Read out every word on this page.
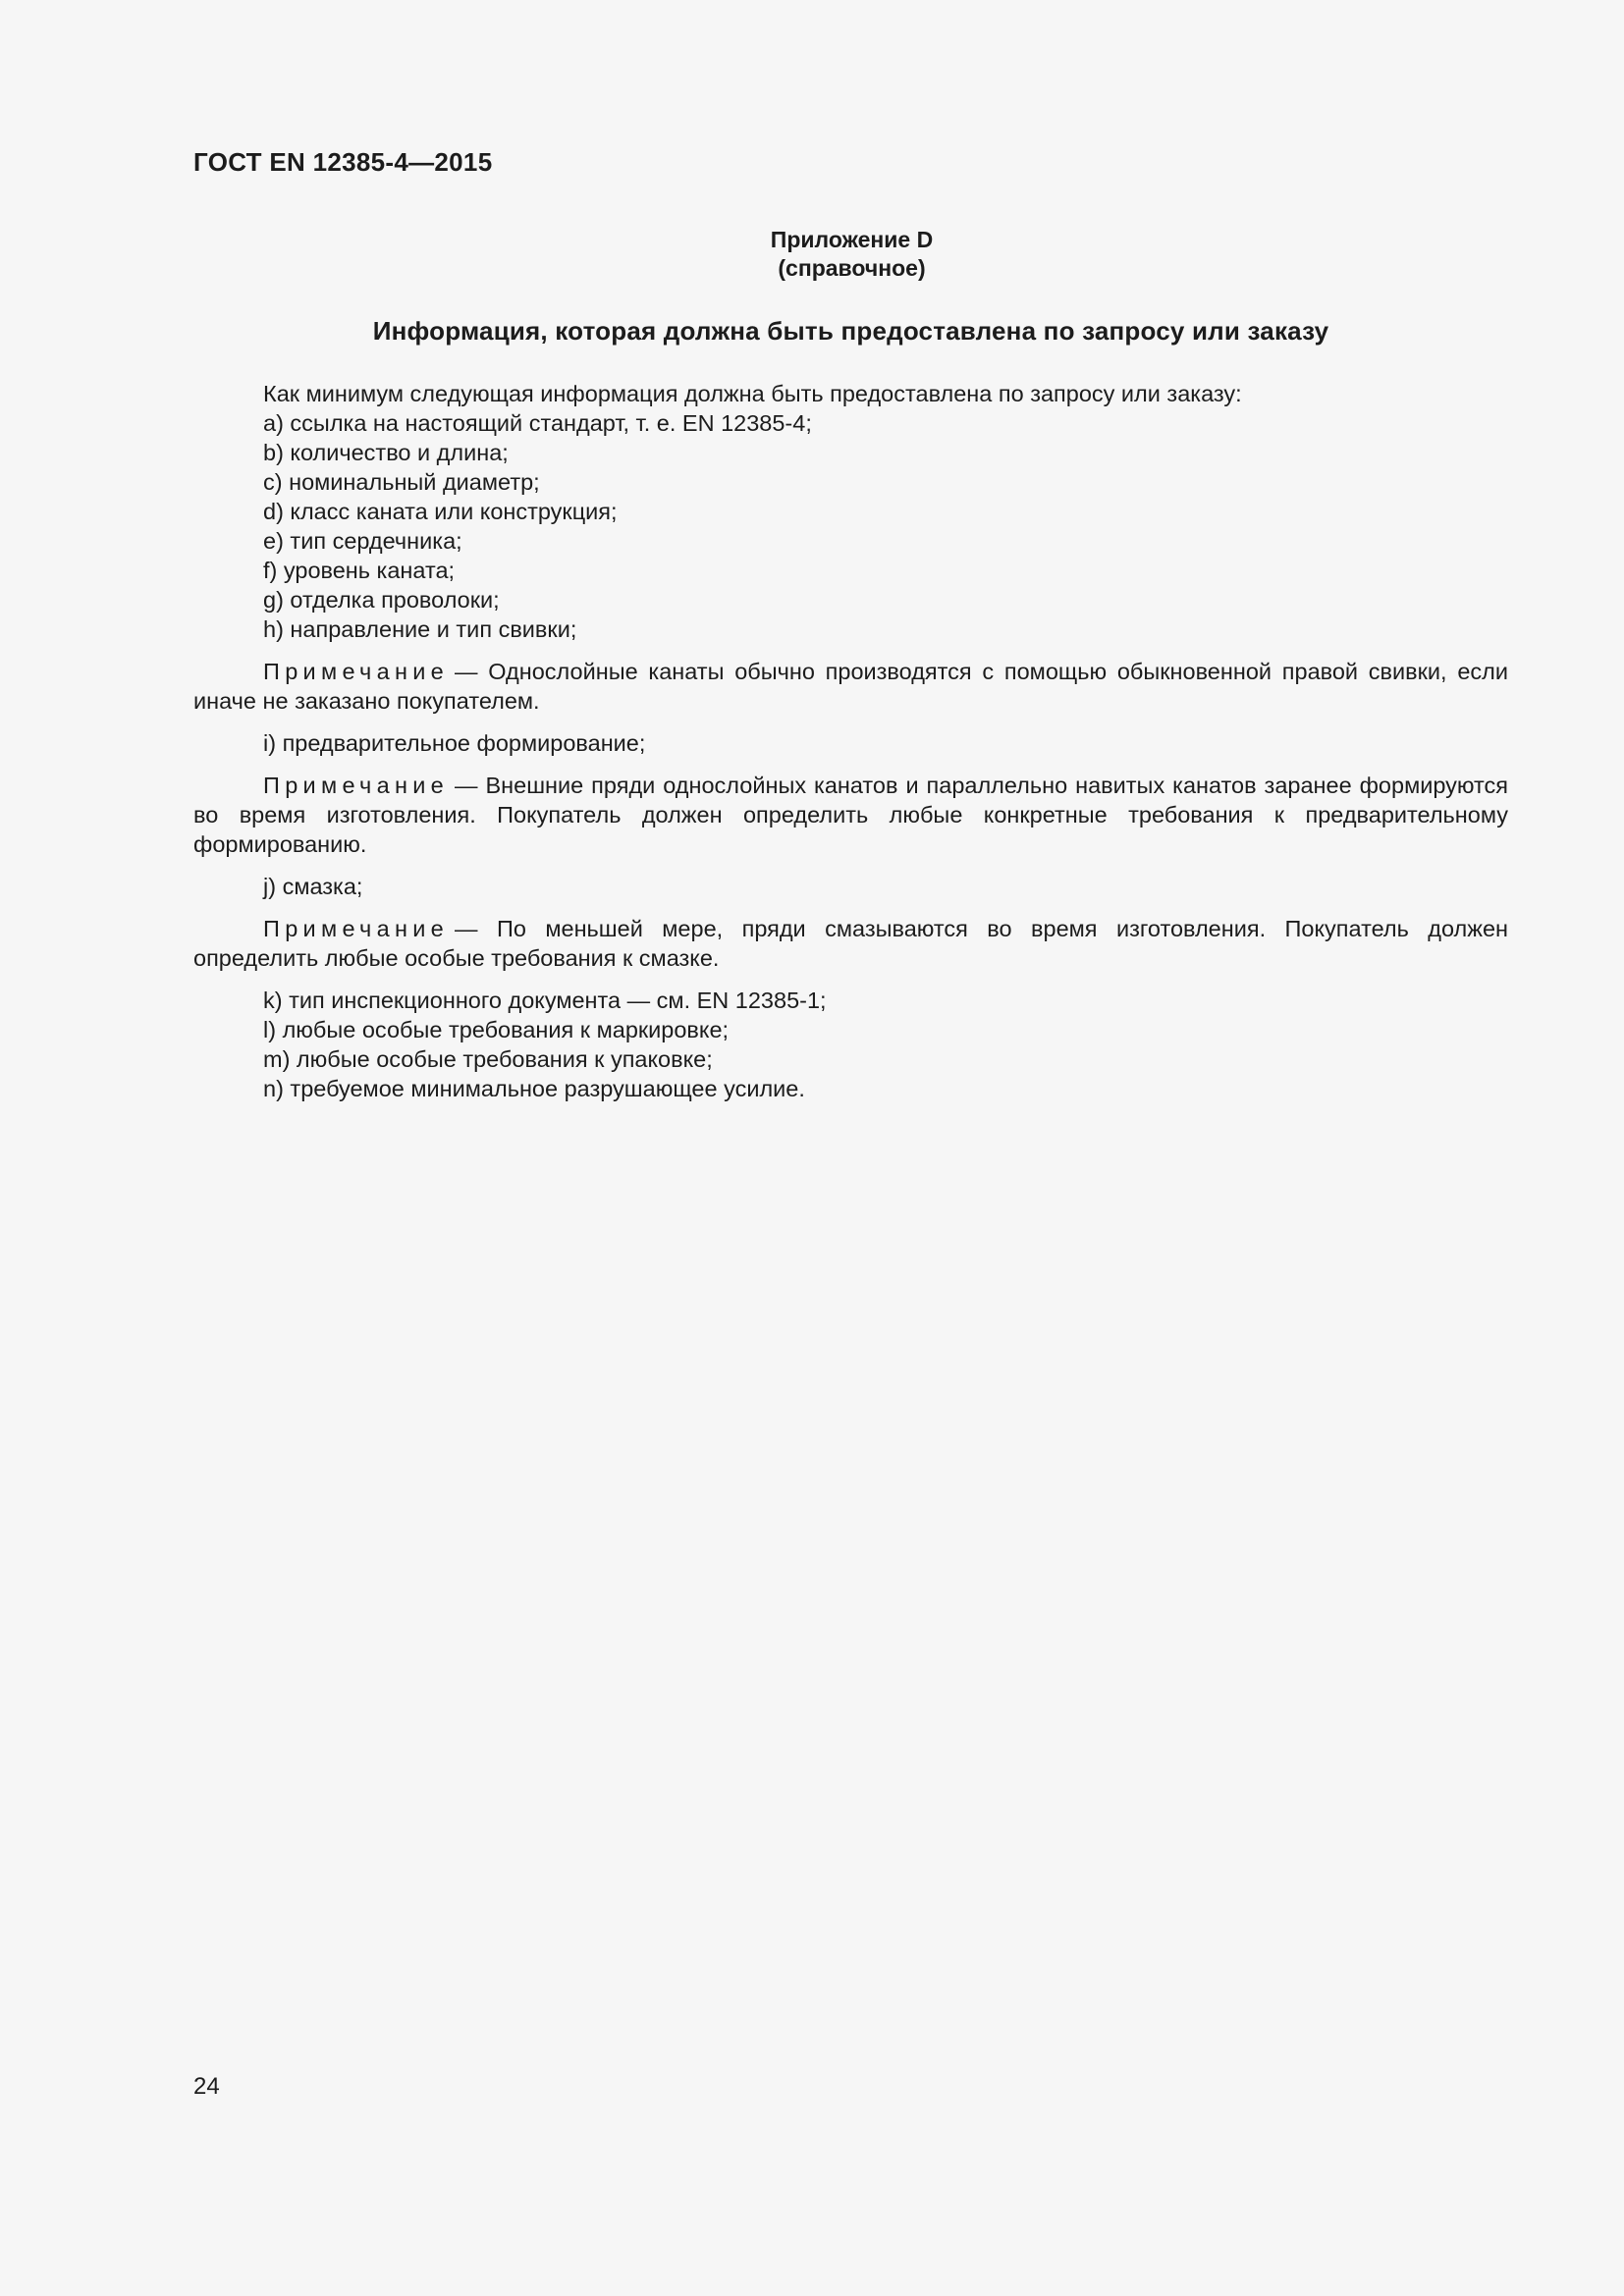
ГОСТ EN 12385-4—2015
Приложение D
(справочное)
Информация, которая должна быть предоставлена по запросу или заказу
Как минимум следующая информация должна быть предоставлена по запросу или заказу:
a) ссылка на настоящий стандарт, т. е. EN 12385-4;
b) количество и длина;
c) номинальный диаметр;
d) класс каната или конструкция;
e) тип сердечника;
f) уровень каната;
g) отделка проволоки;
h) направление и тип свивки;
Примечание — Однослойные канаты обычно производятся с помощью обыкновенной правой свивки, если иначе не заказано покупателем.
i) предварительное формирование;
Примечание — Внешние пряди однослойных канатов и параллельно навитых канатов заранее формируются во время изготовления. Покупатель должен определить любые конкретные требования к предварительному формированию.
j) смазка;
Примечание — По меньшей мере, пряди смазываются во время изготовления. Покупатель должен определить любые особые требования к смазке.
k) тип инспекционного документа — см. EN 12385-1;
l) любые особые требования к маркировке;
m) любые особые требования к упаковке;
n) требуемое минимальное разрушающее усилие.
24
